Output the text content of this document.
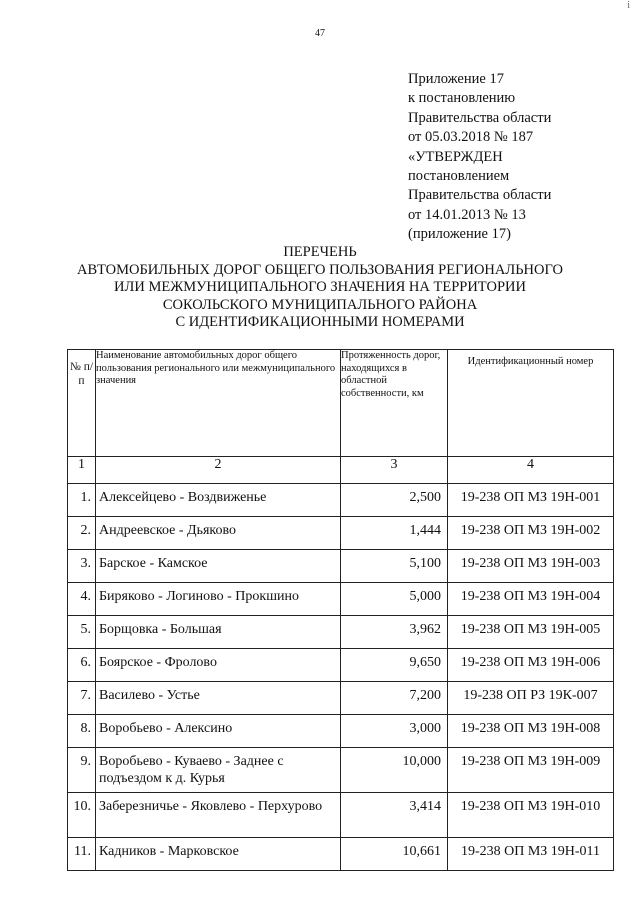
47
i
Приложение 17
к постановлению
Правительства области
от 05.03.2018 № 187
«УТВЕРЖДЕН
постановлением
Правительства области
от 14.01.2013 № 13
(приложение 17)
ПЕРЕЧЕНЬ
АВТОМОБИЛЬНЫХ ДОРОГ ОБЩЕГО ПОЛЬЗОВАНИЯ РЕГИОНАЛЬНОГО
ИЛИ МЕЖМУНИЦИПАЛЬНОГО ЗНАЧЕНИЯ НА ТЕРРИТОРИИ
СОКОЛЬСКОГО МУНИЦИПАЛЬНОГО РАЙОНА
С ИДЕНТИФИКАЦИОННЫМИ НОМЕРАМИ
№ п/п	Наименование автомобильных дорог общего пользования регионального или межмуниципального значения	Протяженность дорог, находящихся в областной собственности, км	Идентификационный номер
1	2	3	4
1.	Алексейцево - Воздвиженье	2,500	19-238 ОП МЗ 19Н-001
2.	Андреевское - Дьяково	1,444	19-238 ОП МЗ 19Н-002
3.	Барское - Камское	5,100	19-238 ОП МЗ 19Н-003
4.	Биряково - Логиново - Прокшино	5,000	19-238 ОП МЗ 19Н-004
5.	Борщовка - Большая	3,962	19-238 ОП МЗ 19Н-005
6.	Боярское - Фролово	9,650	19-238 ОП МЗ 19Н-006
7.	Василево - Устье	7,200	19-238 ОП РЗ 19К-007
8.	Воробьево - Алексино	3,000	19-238 ОП МЗ 19Н-008
9.	Воробьево - Куваево - Заднее с подъездом к д. Курья	10,000	19-238 ОП МЗ 19Н-009
10.	Заберезничье - Яковлево - Перхурово	3,414	19-238 ОП МЗ 19Н-010
11.	Кадников - Марковское	10,661	19-238 ОП МЗ 19Н-011
